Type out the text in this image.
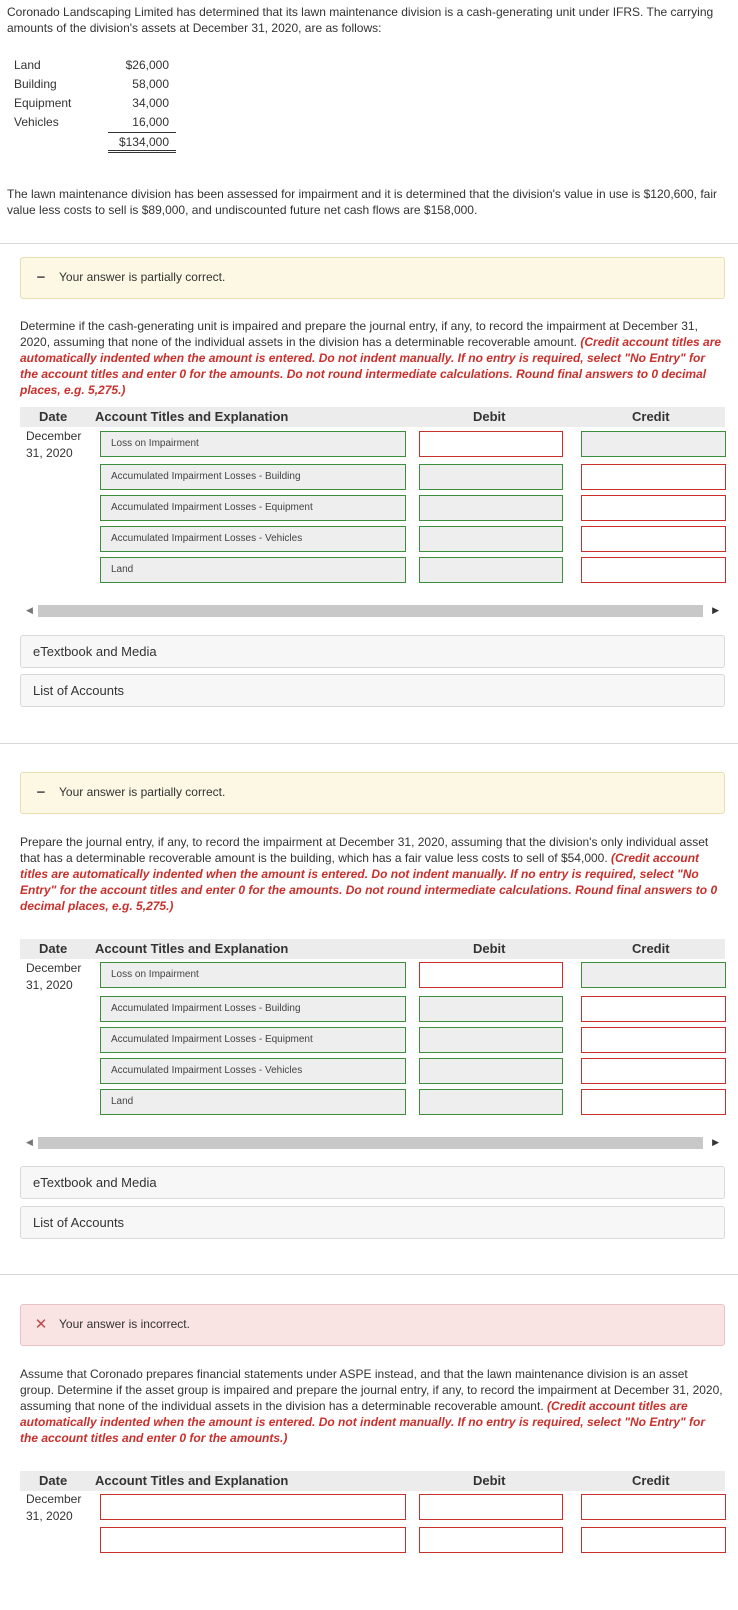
Coronado Landscaping Limited has determined that its lawn maintenance division is a cash-generating unit under IFRS. The carrying amounts of the division's assets at December 31, 2020, are as follows:
Land	$26,000
Building	58,000
Equipment	34,000
Vehicles	16,000
$134,000
The lawn maintenance division has been assessed for impairment and it is determined that the division's value in use is $120,600, fair value less costs to sell is $89,000, and undiscounted future net cash flows are $158,000.
− Your answer is partially correct.
Determine if the cash-generating unit is impaired and prepare the journal entry, if any, to record the impairment at December 31, 2020, assuming that none of the individual assets in the division has a determinable recoverable amount. (Credit account titles are automatically indented when the amount is entered. Do not indent manually. If no entry is required, select "No Entry" for the account titles and enter 0 for the amounts. Do not round intermediate calculations. Round final answers to 0 decimal places, e.g. 5,275.)
Date Account Titles and Explanation	Debit	Credit
December
31, 2020
Loss on Impairment
Accumulated Impairment Losses - Building
Accumulated Impairment Losses - Equipment
Accumulated Impairment Losses - Vehicles
Land
◀	▶
eTextbook and Media
List of Accounts
− Your answer is partially correct.
Prepare the journal entry, if any, to record the impairment at December 31, 2020, assuming that the division's only individual asset that has a determinable recoverable amount is the building, which has a fair value less costs to sell of $54,000. (Credit account titles are automatically indented when the amount is entered. Do not indent manually. If no entry is required, select "No Entry" for the account titles and enter 0 for the amounts. Do not round intermediate calculations. Round final answers to 0 decimal places, e.g. 5,275.)
Date Account Titles and Explanation	Debit	Credit
December
31, 2020
Loss on Impairment
Accumulated Impairment Losses - Building
Accumulated Impairment Losses - Equipment
Accumulated Impairment Losses - Vehicles
Land
◀	▶
eTextbook and Media
List of Accounts
✕ Your answer is incorrect.
Assume that Coronado prepares financial statements under ASPE instead, and that the lawn maintenance division is an asset group. Determine if the asset group is impaired and prepare the journal entry, if any, to record the impairment at December 31, 2020, assuming that none of the individual assets in the division has a determinable recoverable amount. (Credit account titles are automatically indented when the amount is entered. Do not indent manually. If no entry is required, select "No Entry" for the account titles and enter 0 for the amounts.)
Date Account Titles and Explanation	Debit	Credit
December
31, 2020
